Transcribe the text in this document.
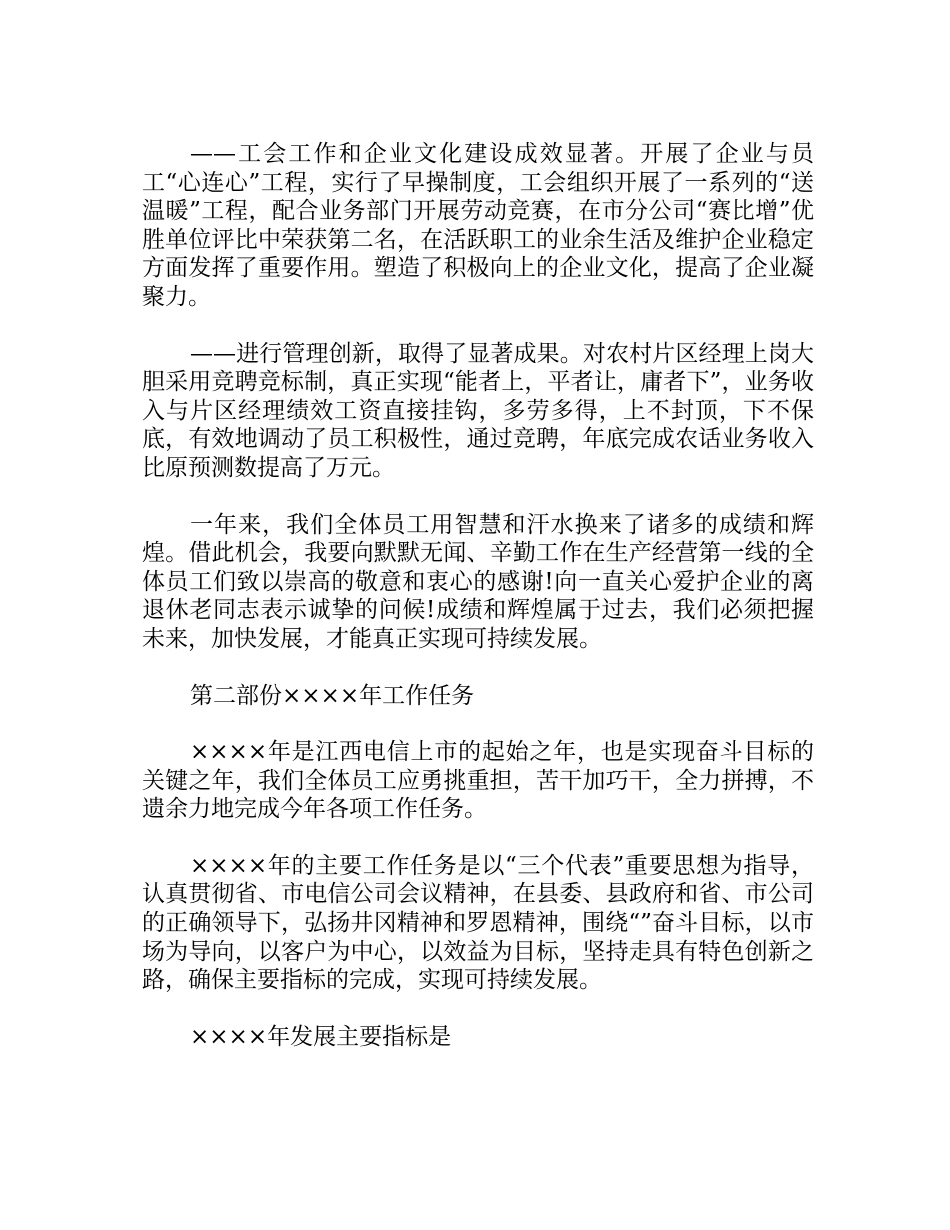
——工会工作和企业文化建设成效显著。开展了企业与员工“心连心”工程，实行了早操制度，工会组织开展了一系列的“送温暖”工程，配合业务部门开展劳动竞赛，在市分公司“赛比增”优胜单位评比中荣获第二名，在活跃职工的业余生活及维护企业稳定方面发挥了重要作用。塑造了积极向上的企业文化，提高了企业凝聚力。

——进行管理创新，取得了显著成果。对农村片区经理上岗大胆采用竞聘竞标制，真正实现“能者上，平者让，庸者下”，业务收入与片区经理绩效工资直接挂钩，多劳多得，上不封顶，下不保底，有效地调动了员工积极性，通过竞聘，年底完成农话业务收入比原预测数提高了万元。

一年来，我们全体员工用智慧和汗水换来了诸多的成绩和辉煌。借此机会，我要向默默无闻、辛勤工作在生产经营第一线的全体员工们致以崇高的敬意和衷心的感谢!向一直关心爱护企业的离退休老同志表示诚挚的问候!成绩和辉煌属于过去，我们必须把握未来，加快发展，才能真正实现可持续发展。

第二部份××××年工作任务

××××年是江西电信上市的起始之年，也是实现奋斗目标的关键之年，我们全体员工应勇挑重担，苦干加巧干，全力拼搏，不遗余力地完成今年各项工作任务。

××××年的主要工作任务是以“三个代表”重要思想为指导，认真贯彻省、市电信公司会议精神，在县委、县政府和省、市公司的正确领导下，弘扬井冈精神和罗恩精神，围绕“”奋斗目标，以市场为导向，以客户为中心，以效益为目标，坚持走具有特色创新之路，确保主要指标的完成，实现可持续发展。

××××年发展主要指标是
